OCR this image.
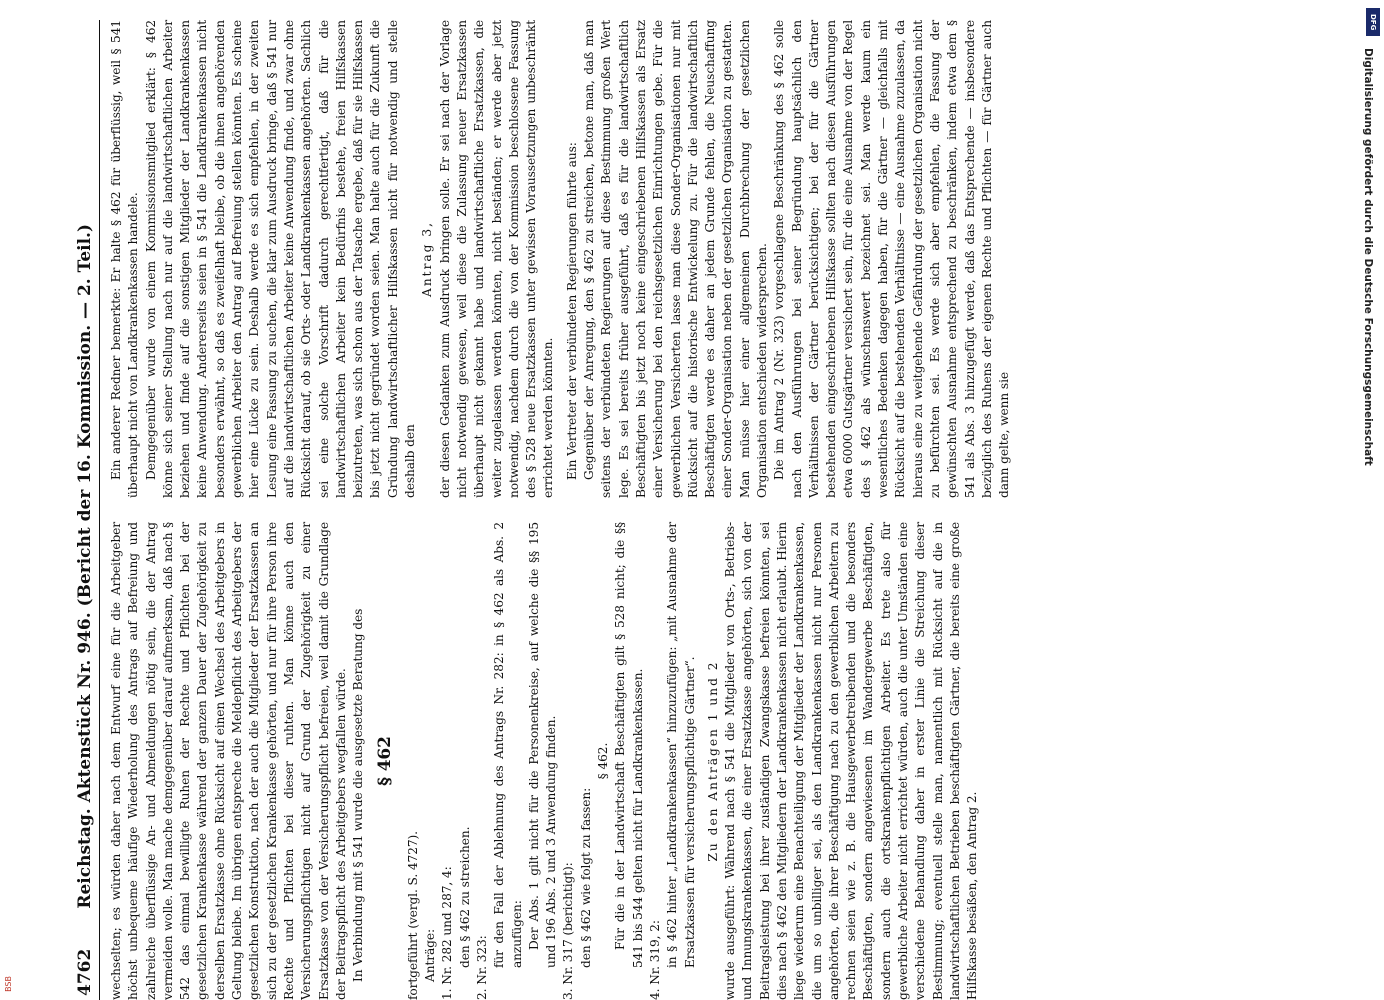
4762
Reichstag. Aktenstück Nr. 946. (Bericht der 16. Kommission. — 2. Teil.) wechselten; es würden daher nach dem Entwurf eine für die Arbeitgeber höchst unbequeme häufige Wiederholung des Antrags auf Befreiung und zahlreiche überflüssige An- und Abmeldungen nötig sein, die der Antrag vermeiden wolle. Man mache demgegenüber darauf aufmerksam, daß nach § 542 das einmal bewilligte Ruhen der Rechte und Pflichten bei der gesetzlichen Krankenkasse während der ganzen Dauer der Zugehörigkeit zu derselben Ersatzkasse ohne Rücksicht auf einen Wechsel des Arbeitgebers in Geltung bleibe. Im übrigen entspreche die Meldepflicht des Arbeitgebers der gesetzlichen Konstruktion, nach der auch die Mitglieder der Ersatzkassen an sich zu der gesetzlichen Krankenkasse gehörten, und nur für ihre Person ihre Rechte und Pflichten bei dieser ruhten. Man könne auch den Versicherungspflichtigen nicht auf Grund der Zugehörigkeit zu einer Ersatzkasse von der Versicherungspflicht befreien, weil damit die Grundlage der Beitragspflicht des Arbeitgebers wegfallen würde. In Verbindung mit § 541 wurde die ausgesetzte Beratung des § 462

fortgeführt (vergl. S. 4727). Anträge: 1. Nr. 282 und 287, 4: den § 462 zu streichen. 2. Nr. 323: für den Fall der Ablehnung des Antrags Nr. 282: in § 462 als Abs. 2 anzufügen: Der Abs. 1 gilt nicht für die Personenkreise, auf welche die §§ 195 und 196 Abs. 2 und 3 Anwendung finden. 3. Nr. 317 (berichtigt): den § 462 wie folgt zu fassen:

§ 462. Für die in der Landwirtschaft Beschäftigten gilt § 528 nicht; die §§ 541 bis 544 gelten nicht für Landkrankenkassen. 4. Nr. 319, 2: in § 462 hinter „Landkrankenkassen“ hinzuzufügen: „mit Ausnahme der Ersatzkassen für versicherungspflichtige Gärtner“. Zu den Anträgen 1 und 2 wurde ausgeführt: Während nach § 541 die Mitglieder von Orts-, Betriebs- und Innungskrankenkassen, die einer Ersatzkasse angehörten, sich von der Beitragsleistung bei ihrer zuständigen Zwangskasse befreien könnten, sei dies nach § 462 den Mitgliedern der Landkrankenkassen nicht erlaubt. Hierin liege wiederum eine Benachteiligung der Mitglieder der Landkrankenkassen, die um so unbilliger sei, als den Landkrankenkassen nicht nur Personen angehörten, die ihrer Beschäftigung nach zu den gewerblichen Arbeitern zu rechnen seien wie z. B. die Hausgewerbetreibenden und die besonders Beschäftigten, sondern angewiesenen im Wandergewerbe Beschäftigten, sondern auch die ortskrankenpflichtigen Arbeiter. Es trete also für gewerbliche Arbeiter nicht errichtet würden, auch die unter Umständen eine verschiedene Behandlung daher in erster Linie die Streichung dieser Bestimmung; eventuell stelle man, namentlich mit Rücksicht auf die in landwirtschaftlichen Betrieben beschäftigten Gärtner, die bereits eine große Hilfskasse besäßen, den Antrag 2.

Ein anderer Redner bemerkte: Er halte § 462 für überflüssig, weil § 541 überhaupt nicht von Landkrankenkassen handele. Demgegenüber wurde von einem Kommissionsmitglied erklärt: § 462 könne sich seiner Stellung nach nur auf die landwirtschaftlichen Arbeiter beziehen und finde auf die sonstigen Mitglieder der Landkrankenkassen keine Anwendung. Andererseits seien in § 541 die Landkrankenkassen nicht besonders erwähnt, so daß es zweifelhaft bleibe, ob die ihnen angehörenden gewerblichen Arbeiter den Antrag auf Befreiung stellen könnten. Es scheine hier eine Lücke zu sein. Deshalb werde es sich empfehlen, in der zweiten Lesung eine Fassung zu suchen, die klar zum Ausdruck bringe, daß § 541 nur auf die landwirtschaftlichen Arbeiter keine Anwendung finde, und zwar ohne Rücksicht darauf, ob sie Orts- oder Landkrankenkassen angehörten. Sachlich sei eine solche Vorschrift dadurch gerechtfertigt, daß für die landwirtschaftlichen Arbeiter kein Bedürfnis bestehe, freien Hilfskassen beizutreten, was sich schon aus der Tatsache ergebe, daß für sie Hilfskassen bis jetzt nicht gegründet worden seien. Man halte auch für die Zukunft die Gründung landwirtschaftlicher Hilfskassen nicht für notwendig und stelle deshalb den

Antrag 3, der diesen Gedanken zum Ausdruck bringen solle. Er sei nach der Vorlage nicht notwendig gewesen, weil diese die Zulassung neuer Ersatzkassen überhaupt nicht gekannt habe und landwirtschaftliche Ersatzkassen, die weiter zugelassen werden könnten, nicht beständen; er werde aber jetzt notwendig, nachdem durch die von der Kommission beschlossene Fassung des § 528 neue Ersatzkassen unter gewissen Voraussetzungen unbeschränkt errichtet werden könnten. Ein Vertreter der verbündeten Regierungen führte aus: Gegenüber der Anregung, den § 462 zu streichen, betone man, daß man seitens der verbündeten Regierungen auf diese Bestimmung großen Wert lege. Es sei bereits früher ausgeführt, daß es für die landwirtschaftlich Beschäftigten bis jetzt noch keine eingeschriebenen Hilfskassen als Ersatz einer Versicherung bei den reichsgesetzlichen Einrichtungen gebe. Für die gewerblichen Versicherten lasse man diese Sonder-Organisationen nur mit Rücksicht auf die historische Entwickelung zu. Für die landwirtschaftlich Beschäftigten werde es daher an jedem Grunde fehlen, die Neuschaffung einer Sonder-Organisation neben der gesetzlichen Organisation zu gestatten. Man müsse hier einer allgemeinen Durchbrechung der gesetzlichen Organisation entschieden widersprechen. Die im Antrag 2 (Nr. 323) vorgeschlagene Beschränkung des § 462 solle nach den Ausführungen bei seiner Begründung hauptsächlich den Verhältnissen der Gärtner berücksichtigen; bei der für die Gärtner bestehenden eingeschriebenen Hilfskasse sollten nach diesen Ausführungen etwa 6000 Gutsgärtner versichert sein, für die eine Ausnahme von der Regel des § 462 als wünschenswert bezeichnet sei. Man werde kaum ein wesentliches Bedenken dagegen haben, für die Gärtner — gleichfalls mit Rücksicht auf die bestehenden Verhältnisse — eine Ausnahme zuzulassen, da hieraus eine zu weitgehende Gefährdung der gesetzlichen Organisation nicht zu befürchten sei. Es werde sich aber empfehlen, die Fassung der gewünschten Ausnahme entsprechend zu beschränken, indem etwa dem § 541 als Abs. 3 hinzugefügt werde, daß das Entsprechende — insbesondere bezüglich des Ruhens der eigenen Rechte und Pflichten — für Gärtner auch dann gelte, wenn sie	Digitalisierung gefördert durch die Deutsche Forschungsgemeinschaft
DFG
BSB
